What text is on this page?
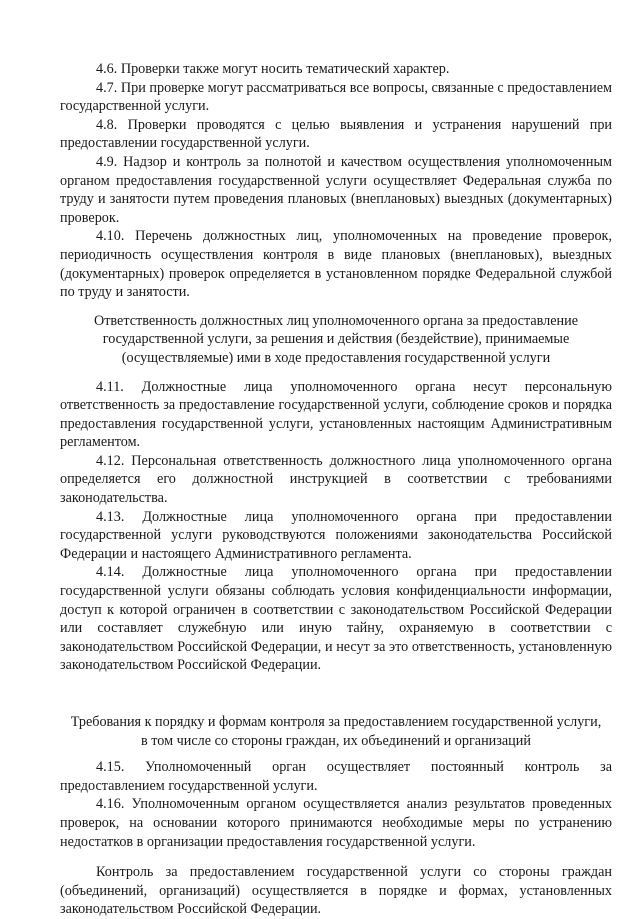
4.6. Проверки также могут носить тематический характер.

4.7. При проверке могут рассматриваться все вопросы, связанные с предоставлением государственной услуги.

4.8. Проверки проводятся с целью выявления и устранения нарушений при предоставлении государственной услуги.

4.9. Надзор и контроль за полнотой и качеством осуществления уполномоченным органом предоставления государственной услуги осуществляет Федеральная служба по труду и занятости путем проведения плановых (внеплановых) выездных (документарных) проверок.

4.10. Перечень должностных лиц, уполномоченных на проведение проверок, периодичность осуществления контроля в виде плановых (внеплановых), выездных (документарных) проверок определяется в установленном порядке Федеральной службой по труду и занятости.

Ответственность должностных лиц уполномоченного органа за предоставление государственной услуги, за решения и действия (бездействие), принимаемые (осуществляемые) ими в ходе предоставления государственной услуги

4.11. Должностные лица уполномоченного органа несут персональную ответственность за предоставление государственной услуги, соблюдение сроков и порядка предоставления государственной услуги, установленных настоящим Административным регламентом.

4.12. Персональная ответственность должностного лица уполномоченного органа определяется его должностной инструкцией в соответствии с требованиями законодательства.

4.13. Должностные лица уполномоченного органа при предоставлении государственной услуги руководствуются положениями законодательства Российской Федерации и настоящего Административного регламента.

4.14. Должностные лица уполномоченного органа при предоставлении государственной услуги обязаны соблюдать условия конфиденциальности информации, доступ к которой ограничен в соответствии с законодательством Российской Федерации или составляет служебную или иную тайну, охраняемую в соответствии с законодательством Российской Федерации, и несут за это ответственность, установленную законодательством Российской Федерации.

Требования к порядку и формам контроля за предоставлением государственной услуги, в том числе со стороны граждан, их объединений и организаций

4.15. Уполномоченный орган осуществляет постоянный контроль за предоставлением государственной услуги.

4.16. Уполномоченным органом осуществляется анализ результатов проведенных проверок, на основании которого принимаются необходимые меры по устранению недостатков в организации предоставления государственной услуги.

Контроль за предоставлением государственной услуги со стороны граждан (объединений, организаций) осуществляется в порядке и формах, установленных законодательством Российской Федерации.
